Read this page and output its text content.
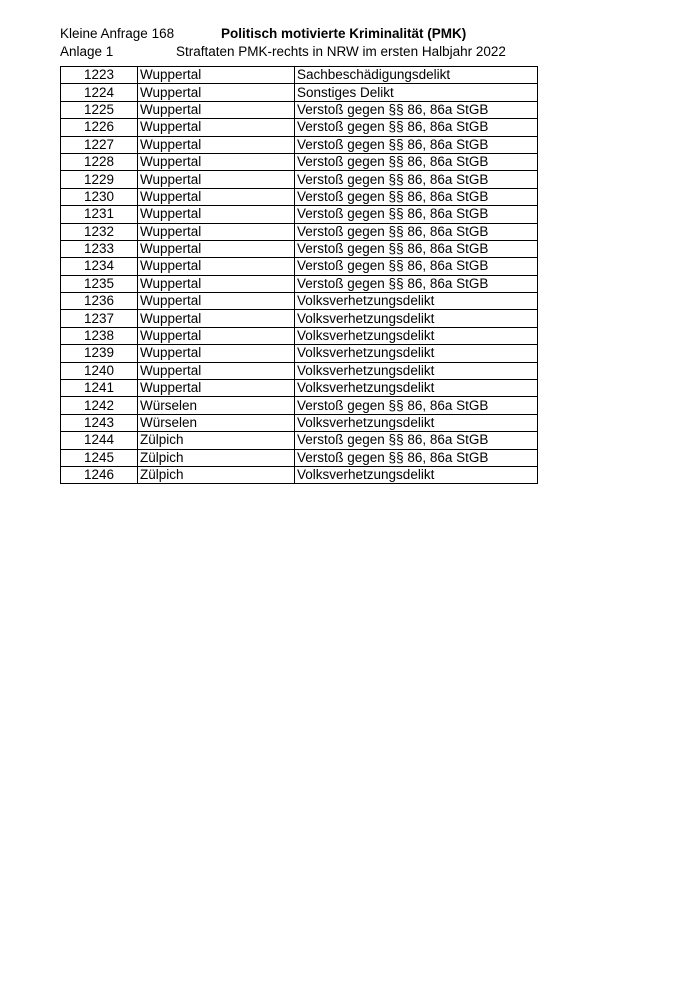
Kleine Anfrage 168	Politisch motivierte Kriminalität (PMK)
Anlage 1	Straftaten PMK-rechts in NRW im ersten Halbjahr 2022
1223	Wuppertal	Sachbeschädigungsdelikt
1224	Wuppertal	Sonstiges Delikt
1225	Wuppertal	Verstoß gegen §§ 86, 86a StGB
1226	Wuppertal	Verstoß gegen §§ 86, 86a StGB
1227	Wuppertal	Verstoß gegen §§ 86, 86a StGB
1228	Wuppertal	Verstoß gegen §§ 86, 86a StGB
1229	Wuppertal	Verstoß gegen §§ 86, 86a StGB
1230	Wuppertal	Verstoß gegen §§ 86, 86a StGB
1231	Wuppertal	Verstoß gegen §§ 86, 86a StGB
1232	Wuppertal	Verstoß gegen §§ 86, 86a StGB
1233	Wuppertal	Verstoß gegen §§ 86, 86a StGB
1234	Wuppertal	Verstoß gegen §§ 86, 86a StGB
1235	Wuppertal	Verstoß gegen §§ 86, 86a StGB
1236	Wuppertal	Volksverhetzungsdelikt
1237	Wuppertal	Volksverhetzungsdelikt
1238	Wuppertal	Volksverhetzungsdelikt
1239	Wuppertal	Volksverhetzungsdelikt
1240	Wuppertal	Volksverhetzungsdelikt
1241	Wuppertal	Volksverhetzungsdelikt
1242	Würselen	Verstoß gegen §§ 86, 86a StGB
1243	Würselen	Volksverhetzungsdelikt
1244	Zülpich	Verstoß gegen §§ 86, 86a StGB
1245	Zülpich	Verstoß gegen §§ 86, 86a StGB
1246	Zülpich	Volksverhetzungsdelikt
